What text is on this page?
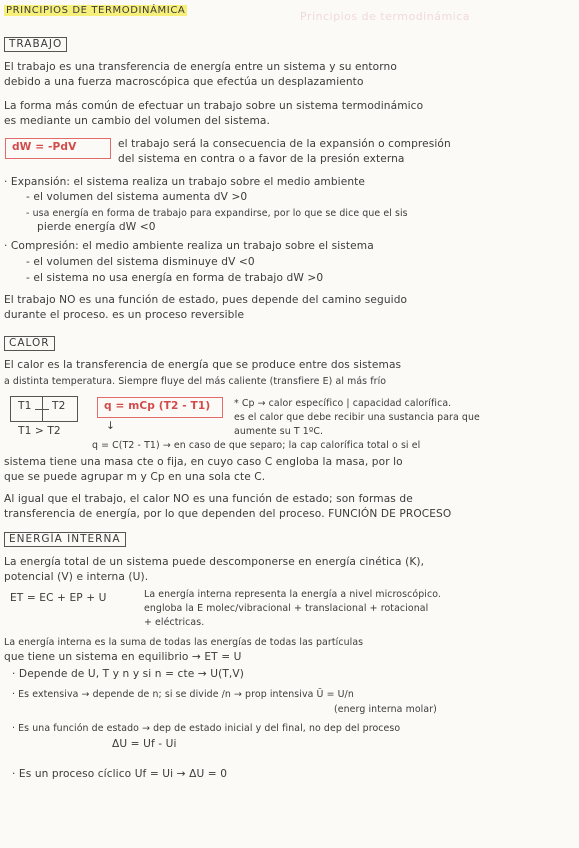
Principios de termodinámica
PRINCIPIOS DE TERMODINÁMICA
TRABAJO
El trabajo es una transferencia de energía entre un sistema y su entorno
debido a una fuerza macroscópica que efectúa un desplazamiento
La forma más común de efectuar un trabajo sobre un sistema termodinámico
es mediante un cambio del volumen del sistema.
dW = -PdV	el trabajo será la consecuencia de la expansión o compresión
del sistema en contra o a favor de la presión externa
· Expansión: el sistema realiza un trabajo sobre el medio ambiente
- el volumen del sistema aumenta dV >0
- usa energía en forma de trabajo para expandirse, por lo que se dice que el sis
pierde energía dW <0
· Compresión: el medio ambiente realiza un trabajo sobre el sistema
- el volumen del sistema disminuye dV <0
- el sistema no usa energía en forma de trabajo dW >0
El trabajo NO es una función de estado, pues depende del camino seguido
durante el proceso. es un proceso reversible
CALOR
El calor es la transferencia de energía que se produce entre dos sistemas
a distinta temperatura. Siempre fluye del más caliente (transfiere E) al más frío
T1 T2
T1 > T2
q = mCp (T2 - T1)
↓
* Cp → calor específico | capacidad calorífica.
es el calor que debe recibir una sustancia para que
aumente su T 1ºC.
q = C(T2 - T1) → en caso de que separo; la cap calorífica total o si el
sistema tiene una masa cte o fija, en cuyo caso C engloba la masa, por lo
que se puede agrupar m y Cp en una sola cte C.
Al igual que el trabajo, el calor NO es una función de estado; son formas de
transferencia de energía, por lo que dependen del proceso. FUNCIÓN DE PROCESO
ENERGÍA INTERNA
La energía total de un sistema puede descomponerse en energía cinética (K),
potencial (V) e interna (U).
ET = EC + EP + U	La energía interna representa la energía a nivel microscópico.
engloba la E molec/vibracional + translacional + rotacional
+ eléctricas.
La energía interna es la suma de todas las energías de todas las partículas
que tiene un sistema en equilibrio → ET = U
· Depende de U, T y n y si n = cte → U(T,V)
· Es extensiva → depende de n; si se divide /n → prop intensiva Ū = U/n
(energ interna molar)
· Es una función de estado → dep de estado inicial y del final, no dep del proceso
ΔU = Uf - Ui
· Es un proceso cíclico Uf = Ui → ΔU = 0
